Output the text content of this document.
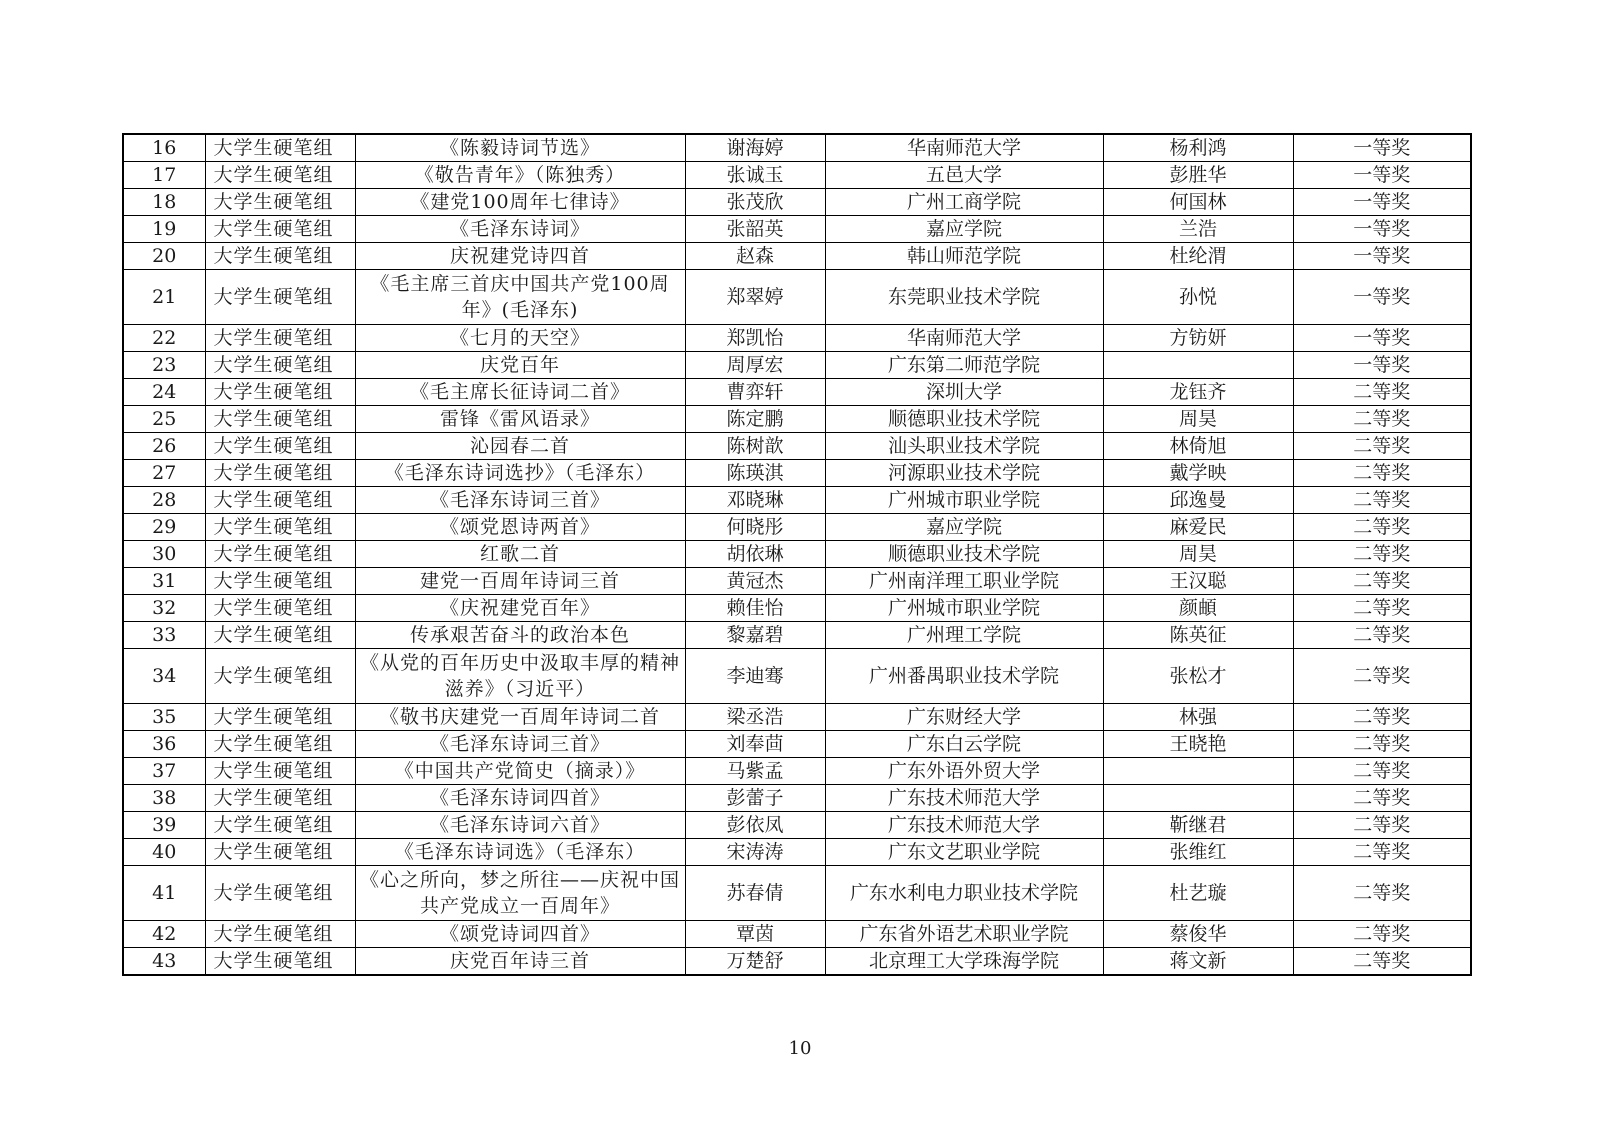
16	大学生硬笔组	《陈毅诗词节选》	谢海婷	华南师范大学	杨利鸿	一等奖
17	大学生硬笔组	《敬告青年》（陈独秀）	张诚玉	五邑大学	彭胜华	一等奖
18	大学生硬笔组	《建党100周年七律诗》	张茂欣	广州工商学院	何国林	一等奖
19	大学生硬笔组	《毛泽东诗词》	张韶英	嘉应学院	兰浩	一等奖
20	大学生硬笔组	庆祝建党诗四首	赵森	韩山师范学院	杜纶渭	一等奖
21	大学生硬笔组	《毛主席三首庆中国共产党100周年》(毛泽东)	郑翠婷	东莞职业技术学院	孙悦	一等奖
22	大学生硬笔组	《七月的天空》	郑凯怡	华南师范大学	方钫妍	一等奖
23	大学生硬笔组	庆党百年	周厚宏	广东第二师范学院		一等奖
24	大学生硬笔组	《毛主席长征诗词二首》	曹弈轩	深圳大学	龙钰齐	二等奖
25	大学生硬笔组	雷锋《雷风语录》	陈定鹏	顺德职业技术学院	周昊	二等奖
26	大学生硬笔组	沁园春二首	陈树歆	汕头职业技术学院	林倚旭	二等奖
27	大学生硬笔组	《毛泽东诗词选抄》（毛泽东）	陈瑛淇	河源职业技术学院	戴学映	二等奖
28	大学生硬笔组	《毛泽东诗词三首》	邓晓琳	广州城市职业学院	邱逸曼	二等奖
29	大学生硬笔组	《颂党恩诗两首》	何晓彤	嘉应学院	麻爱民	二等奖
30	大学生硬笔组	红歌二首	胡依琳	顺德职业技术学院	周昊	二等奖
31	大学生硬笔组	建党一百周年诗词三首	黄冠杰	广州南洋理工职业学院	王汉聪	二等奖
32	大学生硬笔组	《庆祝建党百年》	赖佳怡	广州城市职业学院	颜頔	二等奖
33	大学生硬笔组	传承艰苦奋斗的政治本色	黎嘉碧	广州理工学院	陈英征	二等奖
34	大学生硬笔组	《从党的百年历史中汲取丰厚的精神滋养》（习近平）	李迪骞	广州番禺职业技术学院	张松才	二等奖
35	大学生硬笔组	《敬书庆建党一百周年诗词二首	梁丞浩	广东财经大学	林强	二等奖
36	大学生硬笔组	《毛泽东诗词三首》	刘奉茴	广东白云学院	王晓艳	二等奖
37	大学生硬笔组	《中国共产党简史（摘录）》	马紫孟	广东外语外贸大学		二等奖
38	大学生硬笔组	《毛泽东诗词四首》	彭蕾子	广东技术师范大学		二等奖
39	大学生硬笔组	《毛泽东诗词六首》	彭依凤	广东技术师范大学	靳继君	二等奖
40	大学生硬笔组	《毛泽东诗词选》（毛泽东）	宋涛涛	广东文艺职业学院	张维红	二等奖
41	大学生硬笔组	《心之所向，梦之所往——庆祝中国共产党成立一百周年》	苏春倩	广东水利电力职业技术学院	杜艺璇	二等奖
42	大学生硬笔组	《颂党诗词四首》	覃茵	广东省外语艺术职业学院	蔡俊华	二等奖
43	大学生硬笔组	庆党百年诗三首	万楚舒	北京理工大学珠海学院	蒋文新	二等奖
10
